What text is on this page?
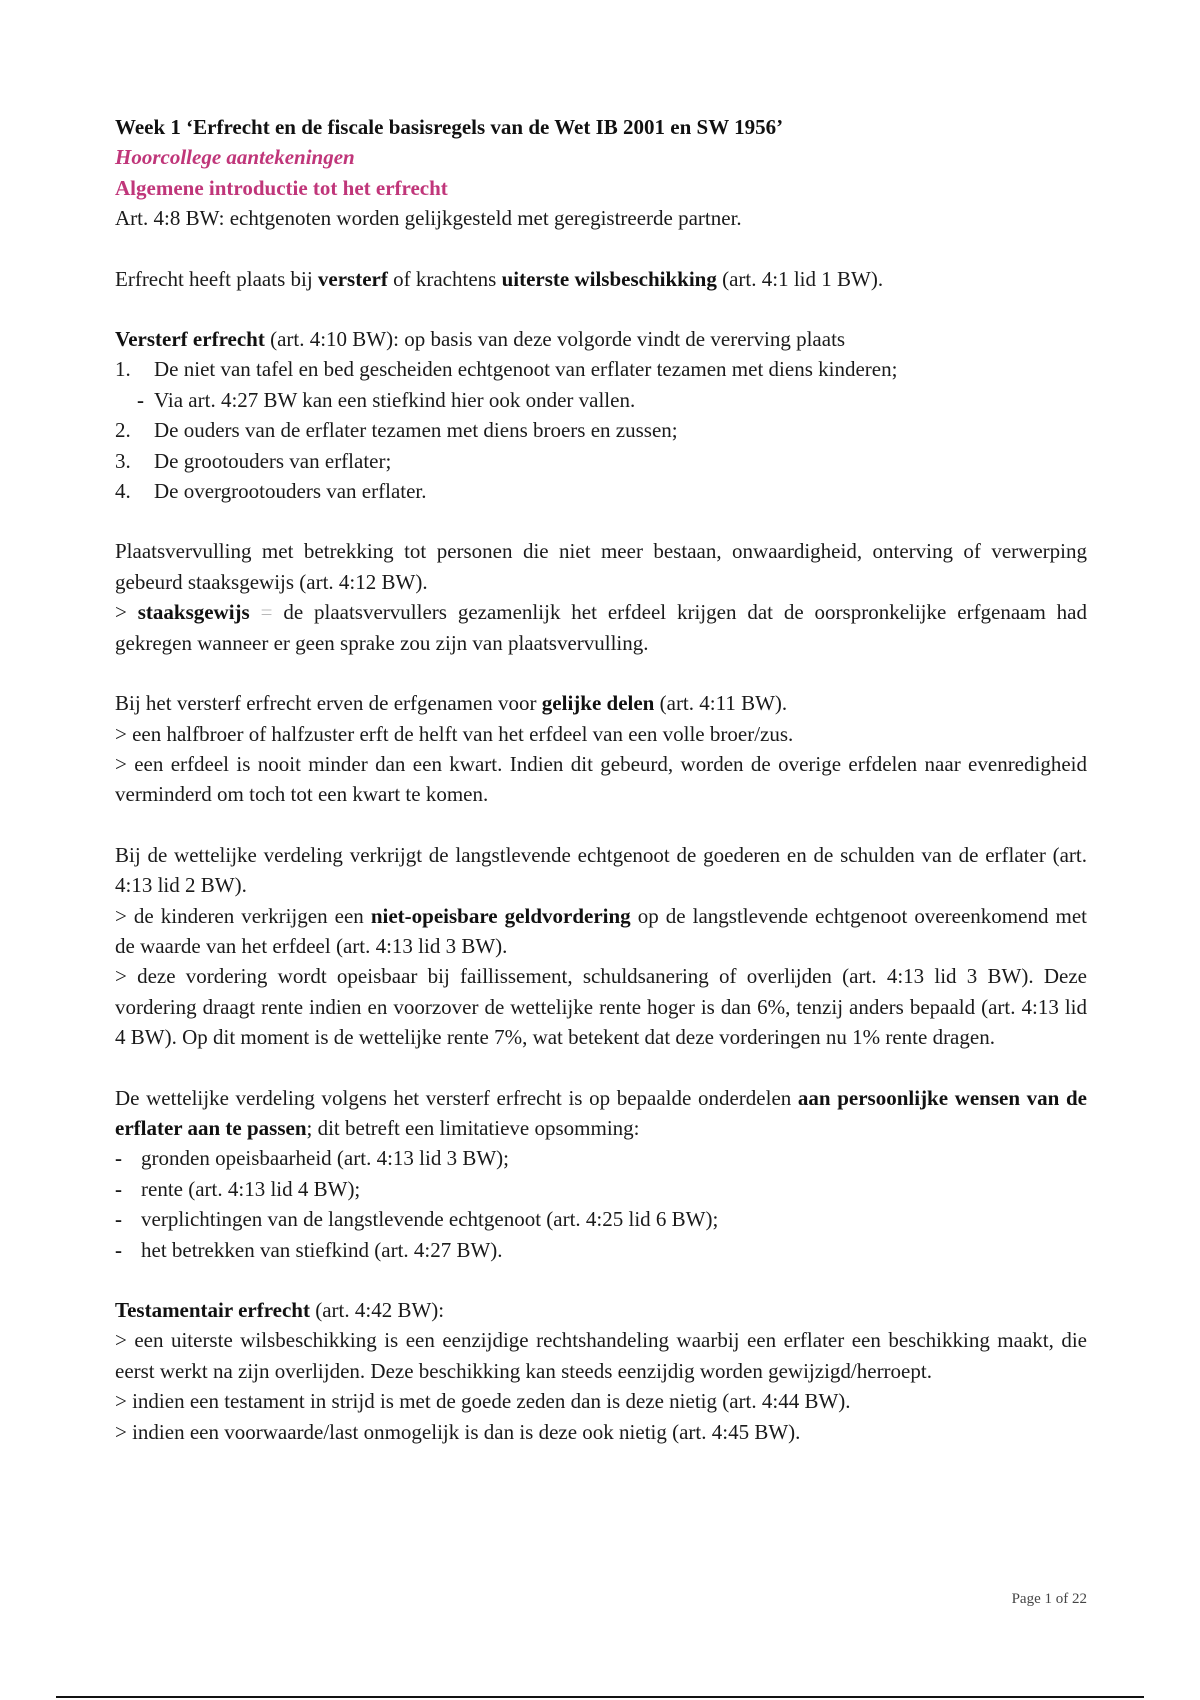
Week 1 ‘Erfrecht en de fiscale basisregels van de Wet IB 2001 en SW 1956’

Hoorcollege aantekeningen

Algemene introductie tot het erfrecht

Art. 4:8 BW: echtgenoten worden gelijkgesteld met geregistreerde partner.

Erfrecht heeft plaats bij versterf of krachtens uiterste wilsbeschikking (art. 4:1 lid 1 BW).

Versterf erfrecht (art. 4:10 BW): op basis van deze volgorde vindt de vererving plaats

1. De niet van tafel en bed gescheiden echtgenoot van erflater tezamen met diens kinderen;
- Via art. 4:27 BW kan een stiefkind hier ook onder vallen.
2. De ouders van de erflater tezamen met diens broers en zussen;
3. De grootouders van erflater;
4. De overgrootouders van erflater.

Plaatsvervulling met betrekking tot personen die niet meer bestaan, onwaardigheid, onterving of verwerping gebeurd staaksgewijs (art. 4:12 BW).

> staaksgewijs = de plaatsvervullers gezamenlijk het erfdeel krijgen dat de oorspronkelijke erfgenaam had gekregen wanneer er geen sprake zou zijn van plaatsvervulling.

Bij het versterf erfrecht erven de erfgenamen voor gelijke delen (art. 4:11 BW).

> een halfbroer of halfzuster erft de helft van het erfdeel van een volle broer/zus.

> een erfdeel is nooit minder dan een kwart. Indien dit gebeurd, worden de overige erfdelen naar evenredigheid verminderd om toch tot een kwart te komen.

Bij de wettelijke verdeling verkrijgt de langstlevende echtgenoot de goederen en de schulden van de erflater (art. 4:13 lid 2 BW).

> de kinderen verkrijgen een niet-opeisbare geldvordering op de langstlevende echtgenoot overeenkomend met de waarde van het erfdeel (art. 4:13 lid 3 BW).

> deze vordering wordt opeisbaar bij faillissement, schuldsanering of overlijden (art. 4:13 lid 3 BW). Deze vordering draagt rente indien en voorzover de wettelijke rente hoger is dan 6%, tenzij anders bepaald (art. 4:13 lid 4 BW). Op dit moment is de wettelijke rente 7%, wat betekent dat deze vorderingen nu 1% rente dragen.

De wettelijke verdeling volgens het versterf erfrecht is op bepaalde onderdelen aan persoonlijke wensen van de erflater aan te passen; dit betreft een limitatieve opsomming:

- gronden opeisbaarheid (art. 4:13 lid 3 BW);
- rente (art. 4:13 lid 4 BW);
- verplichtingen van de langstlevende echtgenoot (art. 4:25 lid 6 BW);
- het betrekken van stiefkind (art. 4:27 BW).

Testamentair erfrecht (art. 4:42 BW):

> een uiterste wilsbeschikking is een eenzijdige rechtshandeling waarbij een erflater een beschikking maakt, die eerst werkt na zijn overlijden. Deze beschikking kan steeds eenzijdig worden gewijzigd/herroept.

> indien een testament in strijd is met de goede zeden dan is deze nietig (art. 4:44 BW).

> indien een voorwaarde/last onmogelijk is dan is deze ook nietig (art. 4:45 BW).

Page 1 of 22
